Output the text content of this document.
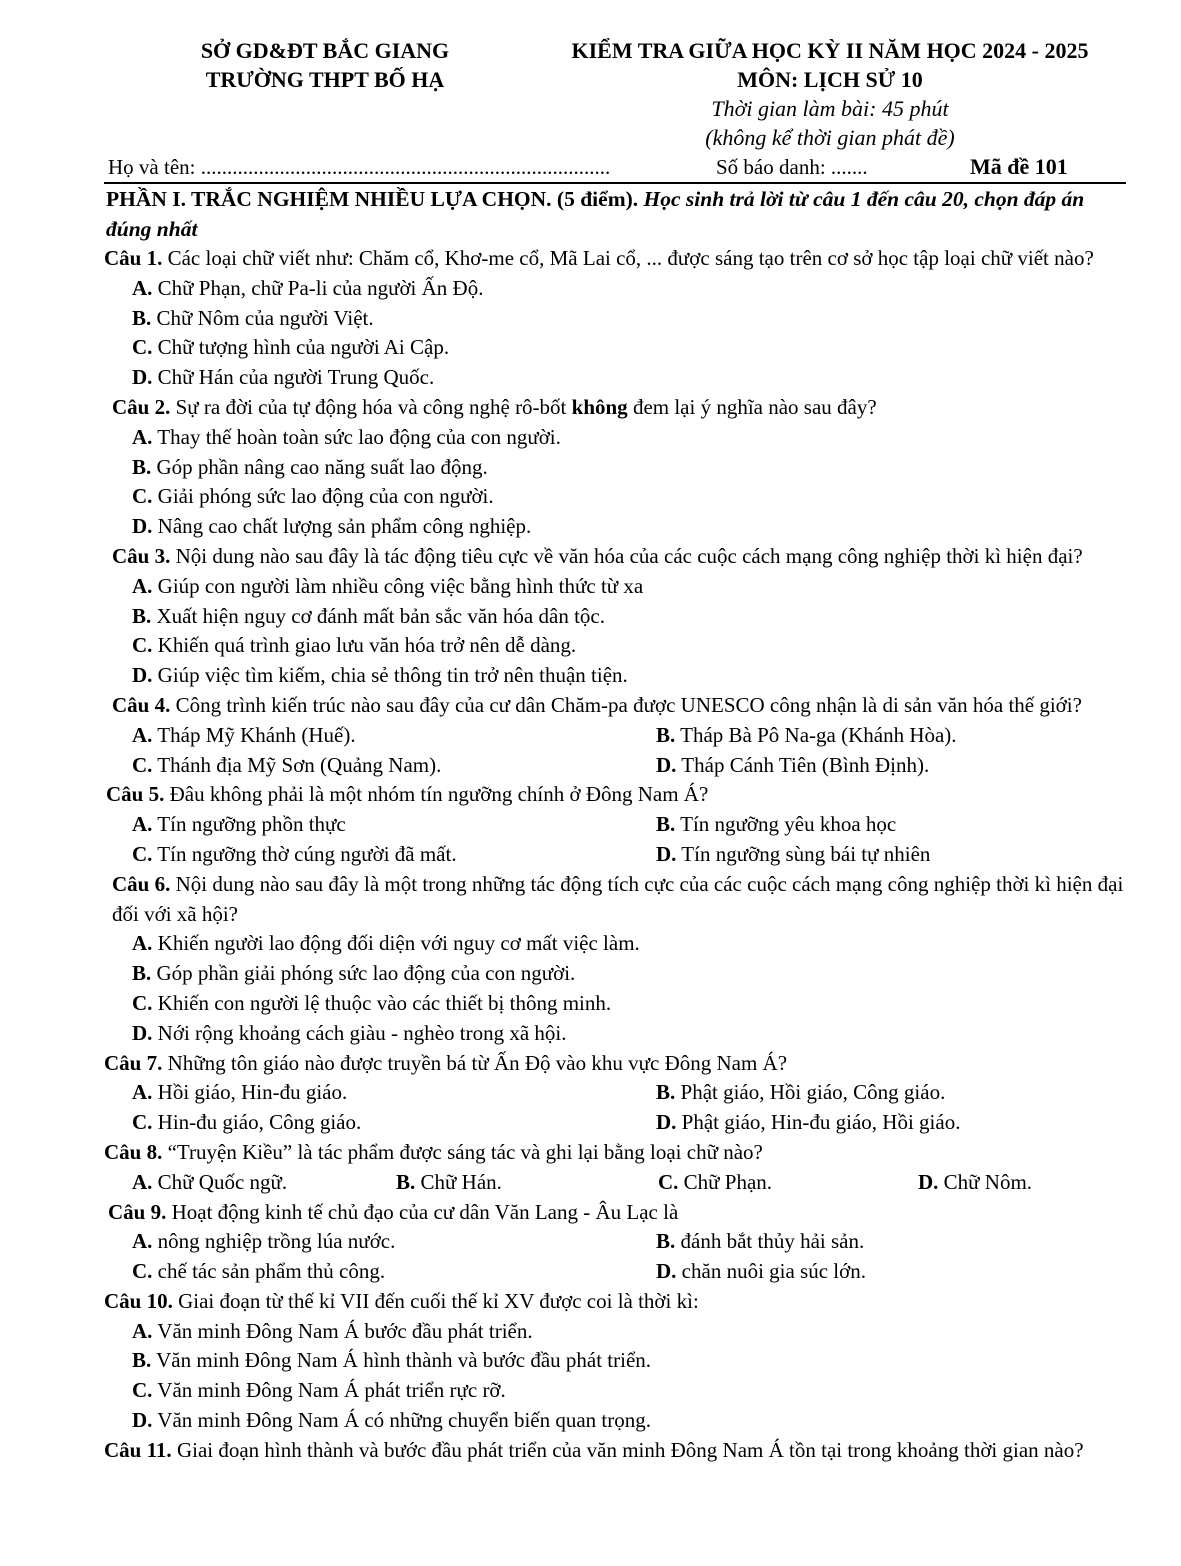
SỞ GD&ĐT BẮC GIANG
TRƯỜNG THPT BỐ HẠ
KIỂM TRA GIỮA HỌC KỲ II NĂM HỌC 2024 - 2025
MÔN: LỊCH SỬ 10
Thời gian làm bài: 45 phút
(không kể thời gian phát đề)
Họ và tên: ..............................................................................	Số báo danh: .......	Mã đề 101
PHẦN I. TRẮC NGHIỆM NHIỀU LỰA CHỌN. (5 điểm). Học sinh trả lời từ câu 1 đến câu 20, chọn đáp án đúng nhất
Câu 1. Các loại chữ viết như: Chăm cổ, Khơ-me cổ, Mã Lai cổ, ... được sáng tạo trên cơ sở học tập loại chữ viết nào?
A. Chữ Phạn, chữ Pa-li của người Ấn Độ.
B. Chữ Nôm của người Việt.
C. Chữ tượng hình của người Ai Cập.
D. Chữ Hán của người Trung Quốc.
Câu 2. Sự ra đời của tự động hóa và công nghệ rô-bốt không đem lại ý nghĩa nào sau đây?
A. Thay thế hoàn toàn sức lao động của con người.
B. Góp phần nâng cao năng suất lao động.
C. Giải phóng sức lao động của con người.
D. Nâng cao chất lượng sản phẩm công nghiệp.
Câu 3. Nội dung nào sau đây là tác động tiêu cực về văn hóa của các cuộc cách mạng công nghiệp thời kì hiện đại?
A. Giúp con người làm nhiều công việc bằng hình thức từ xa
B. Xuất hiện nguy cơ đánh mất bản sắc văn hóa dân tộc.
C. Khiến quá trình giao lưu văn hóa trở nên dễ dàng.
D. Giúp việc tìm kiếm, chia sẻ thông tin trở nên thuận tiện.
Câu 4. Công trình kiến trúc nào sau đây của cư dân Chăm-pa được UNESCO công nhận là di sản văn hóa thế giới?
A. Tháp Mỹ Khánh (Huế).	B. Tháp Bà Pô Na-ga (Khánh Hòa).
C. Thánh địa Mỹ Sơn (Quảng Nam).	D. Tháp Cánh Tiên (Bình Định).
Câu 5. Đâu không phải là một nhóm tín ngưỡng chính ở Đông Nam Á?
A. Tín ngưỡng phồn thực	B. Tín ngưỡng yêu khoa học
C. Tín ngưỡng thờ cúng người đã mất.	D. Tín ngưỡng sùng bái tự nhiên
Câu 6. Nội dung nào sau đây là một trong những tác động tích cực của các cuộc cách mạng công nghiệp thời kì hiện đại đối với xã hội?
A. Khiến người lao động đối diện với nguy cơ mất việc làm.
B. Góp phần giải phóng sức lao động của con người.
C. Khiến con người lệ thuộc vào các thiết bị thông minh.
D. Nới rộng khoảng cách giàu - nghèo trong xã hội.
Câu 7. Những tôn giáo nào được truyền bá từ Ấn Độ vào khu vực Đông Nam Á?
A. Hồi giáo, Hin-đu giáo.	B. Phật giáo, Hồi giáo, Công giáo.
C. Hin-đu giáo, Công giáo.	D. Phật giáo, Hin-đu giáo, Hồi giáo.
Câu 8. “Truyện Kiều” là tác phẩm được sáng tác và ghi lại bằng loại chữ nào?
A. Chữ Quốc ngữ.	B. Chữ Hán.	C. Chữ Phạn.	D. Chữ Nôm.
Câu 9. Hoạt động kinh tế chủ đạo của cư dân Văn Lang - Âu Lạc là
A. nông nghiệp trồng lúa nước.	B. đánh bắt thủy hải sản.
C. chế tác sản phẩm thủ công.	D. chăn nuôi gia súc lớn.
Câu 10. Giai đoạn từ thế kỉ VII đến cuối thế kỉ XV được coi là thời kì:
A. Văn minh Đông Nam Á bước đầu phát triển.
B. Văn minh Đông Nam Á hình thành và bước đầu phát triển.
C. Văn minh Đông Nam Á phát triển rực rỡ.
D. Văn minh Đông Nam Á có những chuyển biến quan trọng.
Câu 11. Giai đoạn hình thành và bước đầu phát triển của văn minh Đông Nam Á tồn tại trong khoảng thời gian nào?
